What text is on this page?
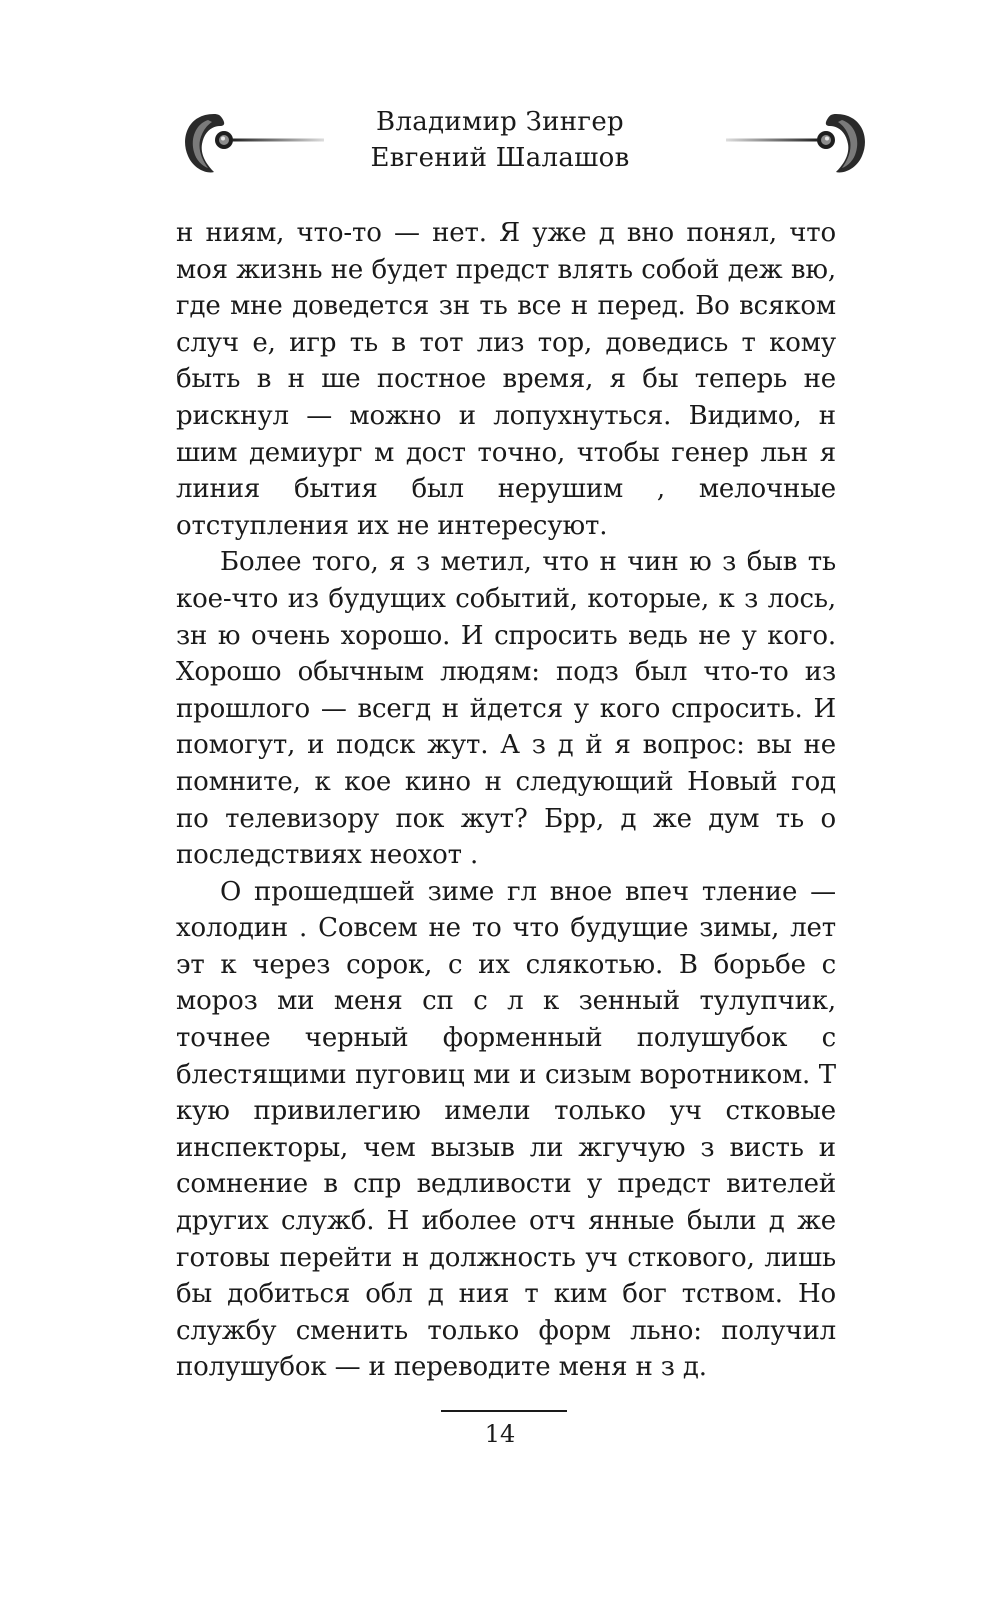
Владимир Зингер
Евгений Шалашов

н ниям, что-то — нет. Я уже д вно понял, что моя жизнь не будет предст влять собой деж вю, где мне доведется зн ть все н перед. Во всяком случ е, игр ть в тот лиз тор, доведись т кому быть в н ше постное время, я бы теперь не рискнул — можно и лопухнуться. Видимо, н шим демиург м дост точно, чтобы генер льн я линия бытия был нерушим , мелочные отступления их не интересуют.

Более того, я з метил, что н чин ю з быв ть кое-что из будущих событий, которые, к з лось, зн ю очень хорошо. И спросить ведь не у кого. Хорошо обычным людям: подз был что-то из прошлого — всегд н йдется у кого спросить. И помогут, и подск жут. А з д й я вопрос: вы не помните, к кое кино н следующий Новый год по телевизору пок жут? Брр, д же дум ть о последствиях неохот .

О прошедшей зиме гл вное впеч тление — холодин . Совсем не то что будущие зимы, лет эт к через сорок, с их слякотью. В борьбе с мороз ми меня сп с л к зенный тулупчик, точнее черный форменный полушубок с блестящими пуговиц ми и сизым воротником. Т кую привилегию имели только уч стковые инспекторы, чем вызыв ли жгучую з висть и сомнение в спр ведливости у предст вителей других служб. Н иболее отч янные были д же готовы перейти н должность уч сткового, лишь бы добиться обл д ния т ким бог тством. Но службу сменить только форм льно: получил полушубок — и переводите меня н з д.

14
